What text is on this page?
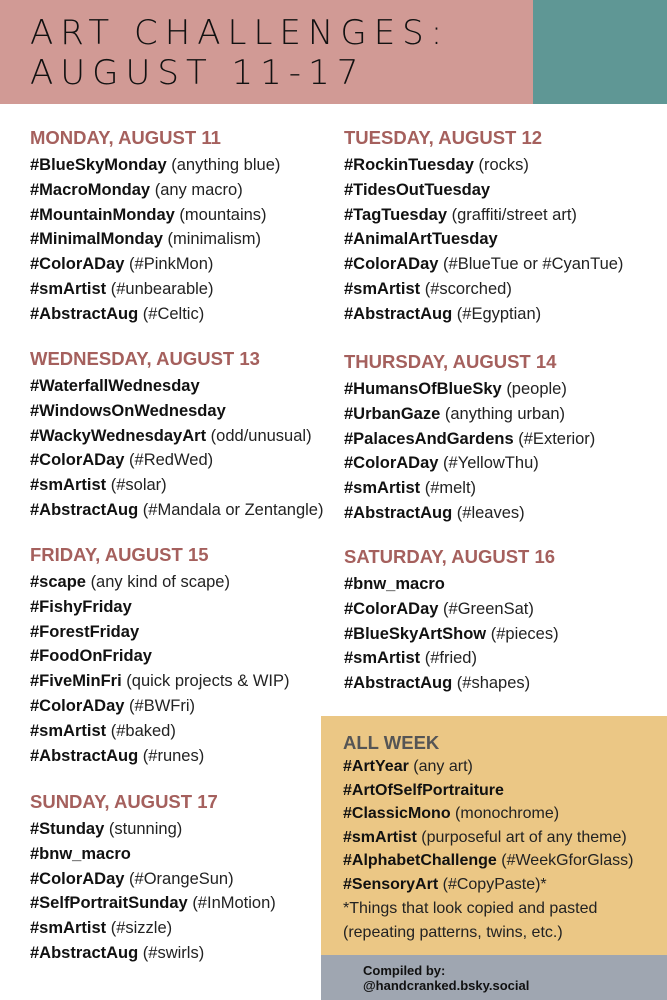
ART CHALLENGES:
AUGUST 11-17
MONDAY, AUGUST 11
#BlueSkyMonday (anything blue)
#MacroMonday (any macro)
#MountainMonday (mountains)
#MinimalMonday (minimalism)
#ColorADay (#PinkMon)
#smArtist (#unbearable)
#AbstractAug (#Celtic)
TUESDAY, AUGUST 12
#RockinTuesday (rocks)
#TidesOutTuesday
#TagTuesday (graffiti/street art)
#AnimalArtTuesday
#ColorADay (#BlueTue or #CyanTue)
#smArtist (#scorched)
#AbstractAug (#Egyptian)
WEDNESDAY, AUGUST 13
#WaterfallWednesday
#WindowsOnWednesday
#WackyWednesdayArt (odd/unusual)
#ColorADay (#RedWed)
#smArtist (#solar)
#AbstractAug (#Mandala or Zentangle)
THURSDAY, AUGUST 14
#HumansOfBlueSky (people)
#UrbanGaze (anything urban)
#PalacesAndGardens (#Exterior)
#ColorADay (#YellowThu)
#smArtist (#melt)
#AbstractAug (#leaves)
FRIDAY, AUGUST 15
#scape (any kind of scape)
#FishyFriday
#ForestFriday
#FoodOnFriday
#FiveMinFri (quick projects & WIP)
#ColorADay (#BWFri)
#smArtist (#baked)
#AbstractAug (#runes)
SATURDAY, AUGUST 16
#bnw_macro
#ColorADay (#GreenSat)
#BlueSkyArtShow (#pieces)
#smArtist (#fried)
#AbstractAug (#shapes)
SUNDAY, AUGUST 17
#Stunday (stunning)
#bnw_macro
#ColorADay (#OrangeSun)
#SelfPortraitSunday (#InMotion)
#smArtist (#sizzle)
#AbstractAug (#swirls)
ALL WEEK
#ArtYear (any art)
#ArtOfSelfPortraiture
#ClassicMono (monochrome)
#smArtist (purposeful art of any theme)
#AlphabetChallenge (#WeekGforGlass)
#SensoryArt (#CopyPaste)*

*Things that look copied and pasted
(repeating patterns, twins, etc.)

Compiled by:

@handcranked.bsky.social
